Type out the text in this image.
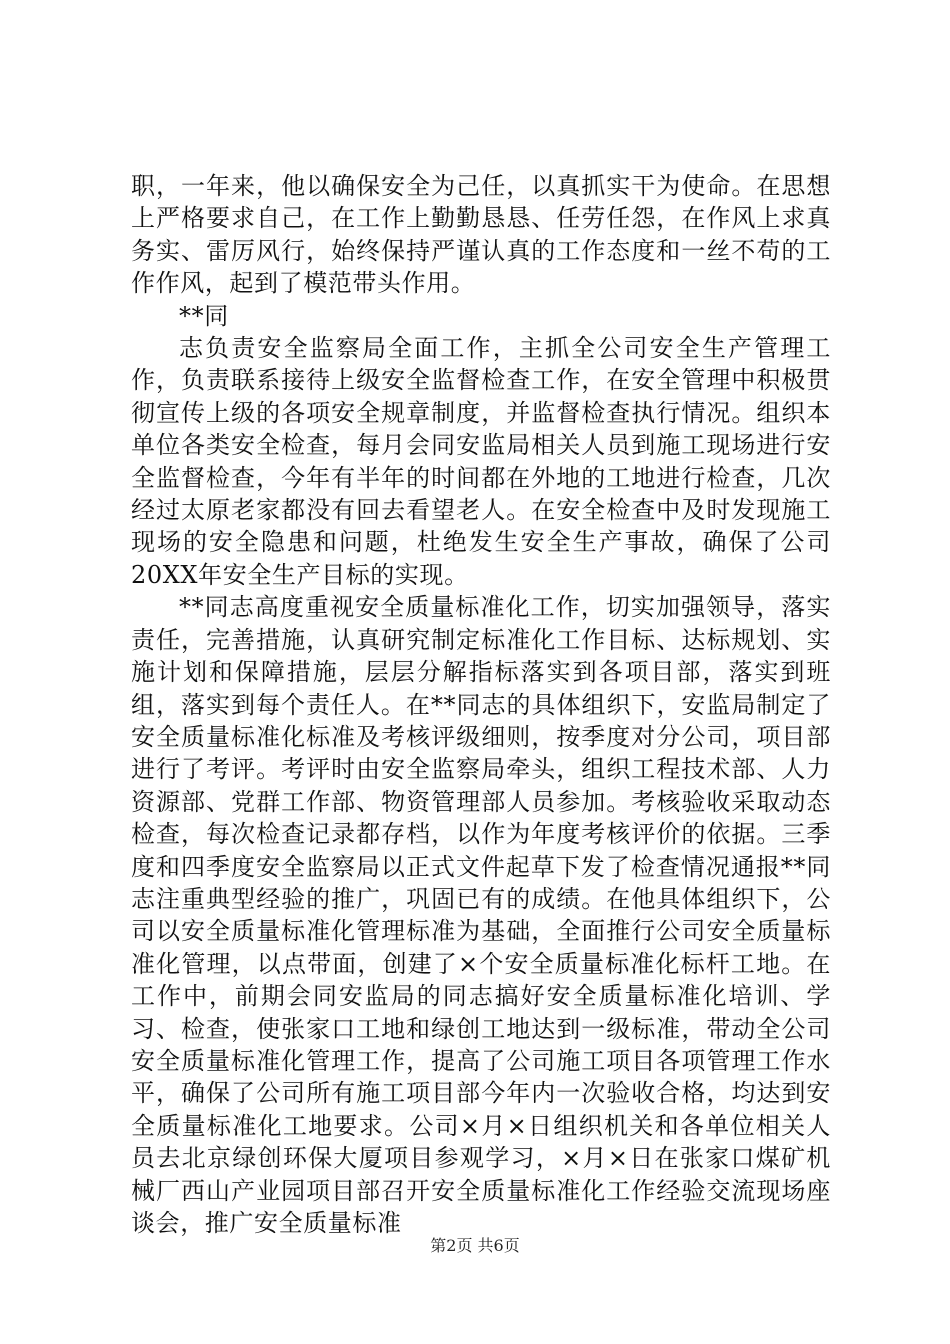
职，一年来，他以确保安全为己任，以真抓实干为使命。在思想上严格要求自己，在工作上勤勤恳恳、任劳任怨，在作风上求真务实、雷厉风行，始终保持严谨认真的工作态度和一丝不苟的工作作风，起到了模范带头作用。

**同

志负责安全监察局全面工作，主抓全公司安全生产管理工作，负责联系接待上级安全监督检查工作，在安全管理中积极贯彻宣传上级的各项安全规章制度，并监督检查执行情况。组织本单位各类安全检查，每月会同安监局相关人员到施工现场进行安全监督检查，今年有半年的时间都在外地的工地进行检查，几次经过太原老家都没有回去看望老人。在安全检查中及时发现施工现场的安全隐患和问题，杜绝发生安全生产事故，确保了公司20XX年安全生产目标的实现。

**同志高度重视安全质量标准化工作，切实加强领导，落实责任，完善措施，认真研究制定标准化工作目标、达标规划、实施计划和保障措施，层层分解指标落实到各项目部，落实到班组，落实到每个责任人。在**同志的具体组织下，安监局制定了安全质量标准化标准及考核评级细则，按季度对分公司，项目部进行了考评。考评时由安全监察局牵头，组织工程技术部、人力资源部、党群工作部、物资管理部人员参加。考核验收采取动态检查，每次检查记录都存档，以作为年度考核评价的依据。三季度和四季度安全监察局以正式文件起草下发了检查情况通报**同志注重典型经验的推广，巩固已有的成绩。在他具体组织下，公司以安全质量标准化管理标准为基础，全面推行公司安全质量标准化管理，以点带面，创建了×个安全质量标准化标杆工地。在工作中，前期会同安监局的同志搞好安全质量标准化培训、学习、检查，使张家口工地和绿创工地达到一级标准，带动全公司安全质量标准化管理工作，提高了公司施工项目各项管理工作水平，确保了公司所有施工项目部今年内一次验收合格，均达到安全质量标准化工地要求。公司×月×日组织机关和各单位相关人员去北京绿创环保大厦项目参观学习，×月×日在张家口煤矿机械厂西山产业园项目部召开安全质量标准化工作经验交流现场座谈会，推广安全质量标准

第2页 共6页
